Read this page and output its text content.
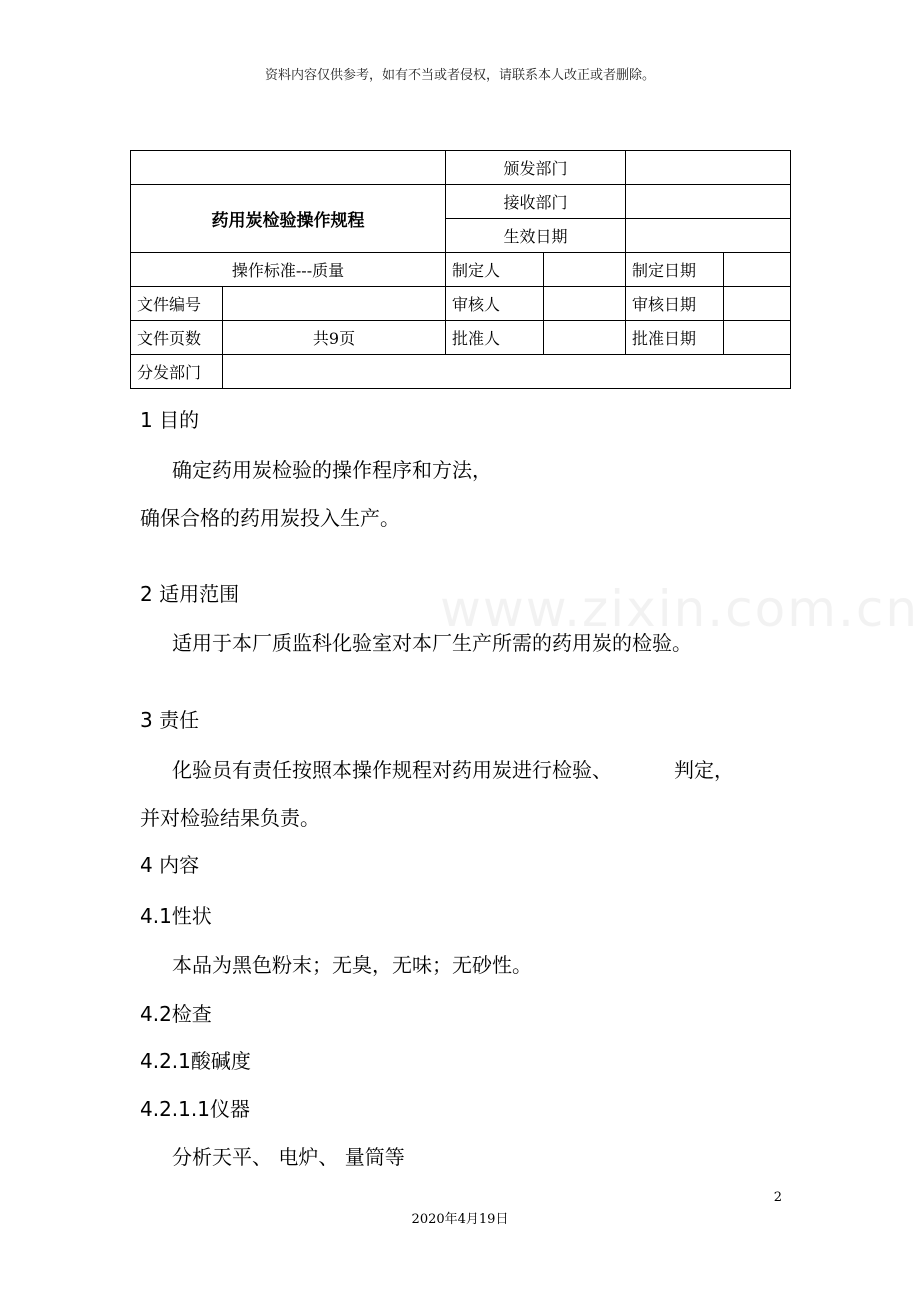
www.zixin.com.cn
资料内容仅供参考，如有不当或者侵权，请联系本人改正或者删除。
		颁发部门			
药用炭检验操作规程		接收部门			
		生效日期			
操作标准---质量		制定人		制定日期	
文件编号		审核人		审核日期	
文件页数	共9页	批准人		批准日期	
分发部门					
1 目的
确定药用炭检验的操作程序和方法，
确保合格的药用炭投入生产。
2 适用范围
适用于本厂质监科化验室对本厂生产所需的药用炭的检验。
3 责任
化验员有责任按照本操作规程对药用炭进行检验、	判定，
并对检验结果负责。
4 内容
4.1性状
本品为黑色粉末；无臭，无味；无砂性。
4.2检查
4.2.1酸碱度
4.2.1.1仪器
分析天平、 电炉、 量筒等
2
2020年4月19日
